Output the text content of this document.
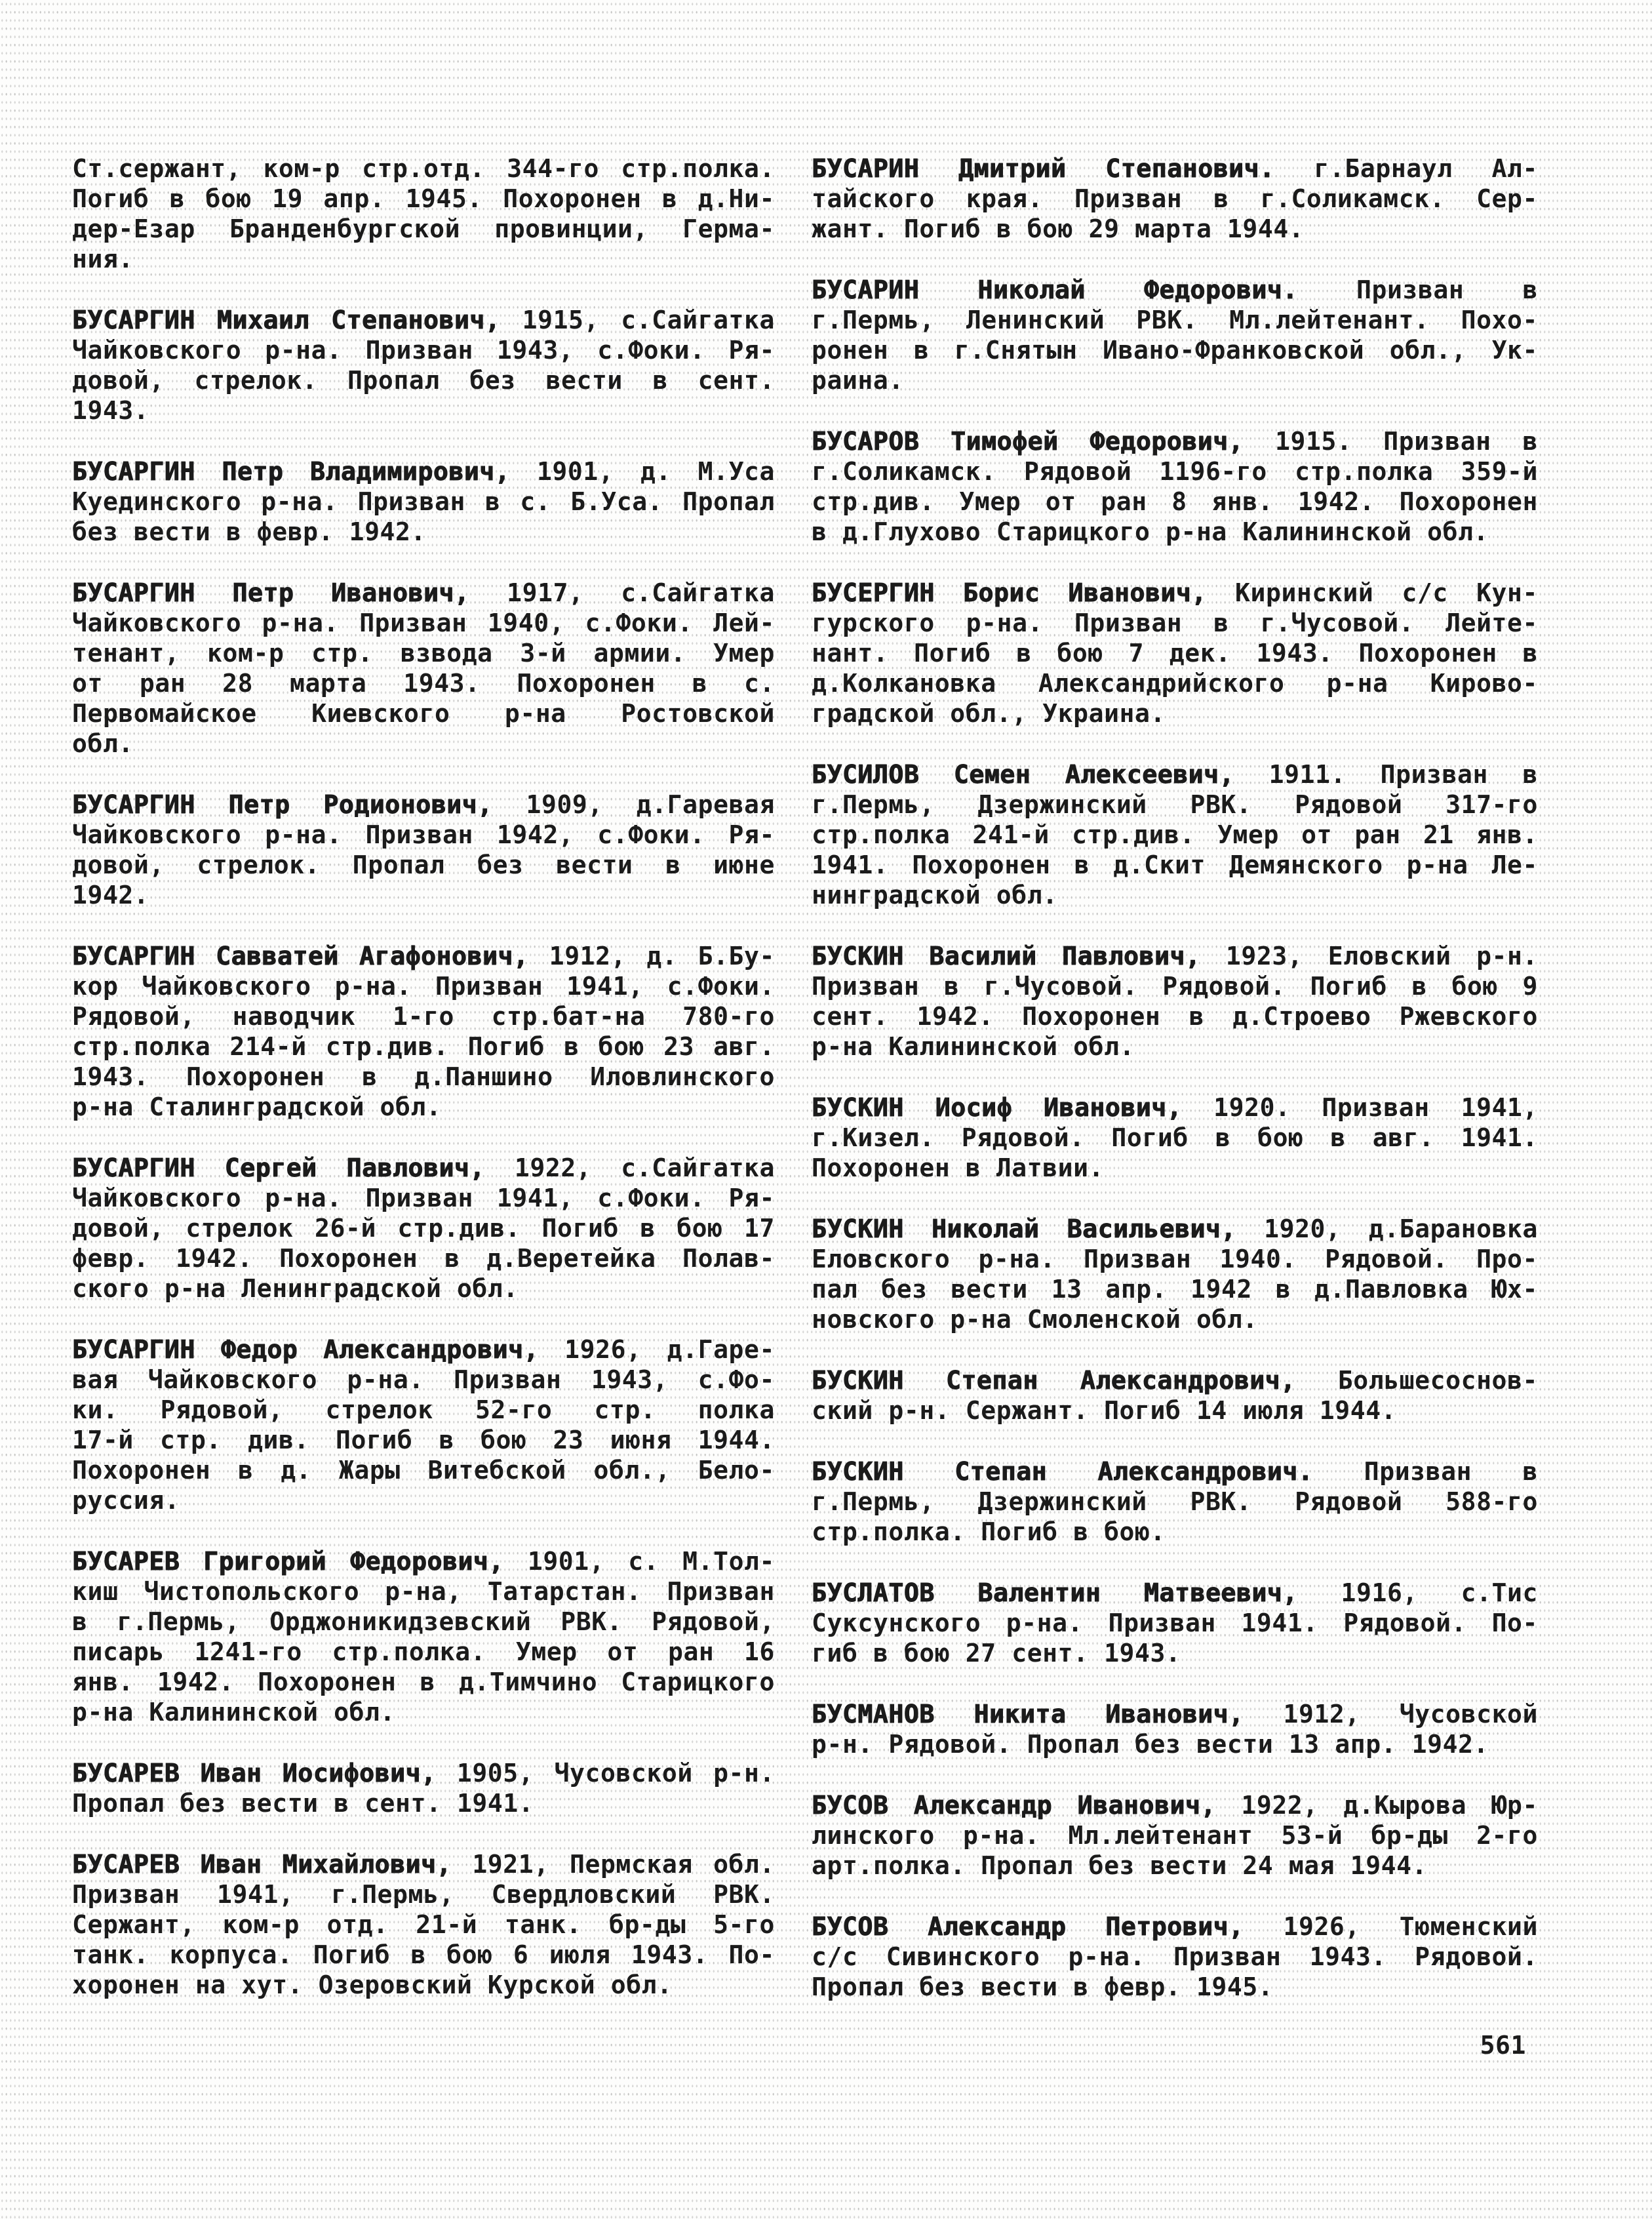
Ст.сержант, ком-р стр.отд. 344-го стр.полка.
Погиб в бою 19 апр. 1945. Похоронен в д.Ни-
дер-Езар Бранденбургской провинции, Герма-
ния.
БУСАРГИН Михаил Степанович, 1915, с.Сайгатка
Чайковского р-на. Призван 1943, с.Фоки. Ря-
довой, стрелок. Пропал без вести в сент.
1943.
БУСАРГИН Петр Владимирович, 1901, д. М.Уса
Куединского р-на. Призван в с. Б.Уса. Пропал
без вести в февр. 1942.
БУСАРГИН Петр Иванович, 1917, с.Сайгатка
Чайковского р-на. Призван 1940, с.Фоки. Лей-
тенант, ком-р стр. взвода 3-й армии. Умер
от ран 28 марта 1943. Похоронен в с.
Первомайское Киевского р-на Ростовской
обл.
БУСАРГИН Петр Родионович, 1909, д.Гаревая
Чайковского р-на. Призван 1942, с.Фоки. Ря-
довой, стрелок. Пропал без вести в июне
1942.
БУСАРГИН Савватей Агафонович, 1912, д. Б.Бу-
кор Чайковского р-на. Призван 1941, с.Фоки.
Рядовой, наводчик 1-го стр.бат-на 780-го
стр.полка 214-й стр.див. Погиб в бою 23 авг.
1943. Похоронен в д.Паншино Иловлинского
р-на Сталинградской обл.
БУСАРГИН Сергей Павлович, 1922, с.Сайгатка
Чайковского р-на. Призван 1941, с.Фоки. Ря-
довой, стрелок 26-й стр.див. Погиб в бою 17
февр. 1942. Похоронен в д.Веретейка Полав-
ского р-на Ленинградской обл.
БУСАРГИН Федор Александрович, 1926, д.Гаре-
вая Чайковского р-на. Призван 1943, с.Фо-
ки. Рядовой, стрелок 52-го стр. полка
17-й стр. див. Погиб в бою 23 июня 1944.
Похоронен в д. Жары Витебской обл., Бело-
руссия.
БУСАРЕВ Григорий Федорович, 1901, с. М.Тол-
киш Чистопольского р-на, Татарстан. Призван
в г.Пермь, Орджоникидзевский РВК. Рядовой,
писарь 1241-го стр.полка. Умер от ран 16
янв. 1942. Похоронен в д.Тимчино Старицкого
р-на Калининской обл.
БУСАРЕВ Иван Иосифович, 1905, Чусовской р-н.
Пропал без вести в сент. 1941.
БУСАРЕВ Иван Михайлович, 1921, Пермская обл.
Призван 1941, г.Пермь, Свердловский РВК.
Сержант, ком-р отд. 21-й танк. бр-ды 5-го
танк. корпуса. Погиб в бою 6 июля 1943. По-
хоронен на хут. Озеровский Курской обл.
БУСАРИН Дмитрий Степанович. г.Барнаул Ал-
тайского края. Призван в г.Соликамск. Сер-
жант. Погиб в бою 29 марта 1944.
БУСАРИН Николай Федорович. Призван в
г.Пермь, Ленинский РВК. Мл.лейтенант. Похо-
ронен в г.Снятын Ивано-Франковской обл., Ук-
раина.
БУСАРОВ Тимофей Федорович, 1915. Призван в
г.Соликамск. Рядовой 1196-го стр.полка 359-й
стр.див. Умер от ран 8 янв. 1942. Похоронен
в д.Глухово Старицкого р-на Калининской обл.
БУСЕРГИН Борис Иванович, Киринский с/с Кун-
гурского р-на. Призван в г.Чусовой. Лейте-
нант. Погиб в бою 7 дек. 1943. Похоронен в
д.Колкановка Александрийского р-на Кирово-
градской обл., Украина.
БУСИЛОВ Семен Алексеевич, 1911. Призван в
г.Пермь, Дзержинский РВК. Рядовой 317-го
стр.полка 241-й стр.див. Умер от ран 21 янв.
1941. Похоронен в д.Скит Демянского р-на Ле-
нинградской обл.
БУСКИН Василий Павлович, 1923, Еловский р-н.
Призван в г.Чусовой. Рядовой. Погиб в бою 9
сент. 1942. Похоронен в д.Строево Ржевского
р-на Калининской обл.
БУСКИН Иосиф Иванович, 1920. Призван 1941,
г.Кизел. Рядовой. Погиб в бою в авг. 1941.
Похоронен в Латвии.
БУСКИН Николай Васильевич, 1920, д.Барановка
Еловского р-на. Призван 1940. Рядовой. Про-
пал без вести 13 апр. 1942 в д.Павловка Юх-
новского р-на Смоленской обл.
БУСКИН Степан Александрович, Большесоснов-
ский р-н. Сержант. Погиб 14 июля 1944.
БУСКИН Степан Александрович. Призван в
г.Пермь, Дзержинский РВК. Рядовой 588-го
стр.полка. Погиб в бою.
БУСЛАТОВ Валентин Матвеевич, 1916, с.Тис
Суксунского р-на. Призван 1941. Рядовой. По-
гиб в бою 27 сент. 1943.
БУСМАНОВ Никита Иванович, 1912, Чусовской
р-н. Рядовой. Пропал без вести 13 апр. 1942.
БУСОВ Александр Иванович, 1922, д.Кырова Юр-
линского р-на. Мл.лейтенант 53-й бр-ды 2-го
арт.полка. Пропал без вести 24 мая 1944.
БУСОВ Александр Петрович, 1926, Тюменский
с/с Сивинского р-на. Призван 1943. Рядовой.
Пропал без вести в февр. 1945.
561
